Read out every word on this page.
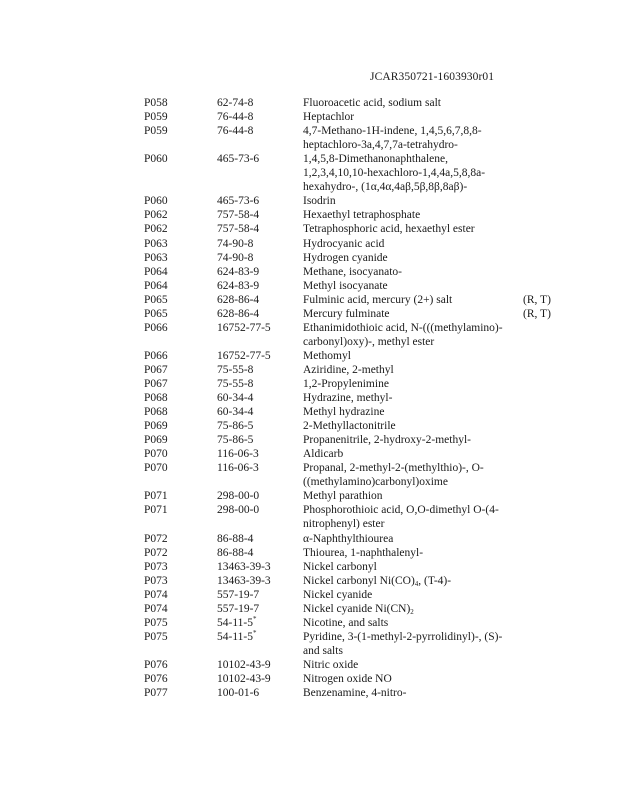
JCAR350721-1603930r01
P058	62-74-8	Fluoroacetic acid, sodium salt
P059	76-44-8	Heptachlor
P059	76-44-8	4,7-Methano-1H-indene, 1,4,5,6,7,8,8-
heptachloro-3a,4,7,7a-tetrahydro-
P060	465-73-6	1,4,5,8-Dimethanonaphthalene,
1,2,3,4,10,10-hexachloro-1,4,4a,5,8,8a-
hexahydro-, (1α,4α,4aβ,5β,8β,8aβ)-
P060	465-73-6	Isodrin
P062	757-58-4	Hexaethyl tetraphosphate
P062	757-58-4	Tetraphosphoric acid, hexaethyl ester
P063	74-90-8	Hydrocyanic acid
P063	74-90-8	Hydrogen cyanide
P064	624-83-9	Methane, isocyanato-
P064	624-83-9	Methyl isocyanate
P065	628-86-4	Fulminic acid, mercury (2+) salt	(R, T)
P065	628-86-4	Mercury fulminate	(R, T)
P066	16752-77-5	Ethanimidothioic acid, N-(((methylamino)-
carbonyl)oxy)-, methyl ester
P066	16752-77-5	Methomyl
P067	75-55-8	Aziridine, 2-methyl
P067	75-55-8	1,2-Propylenimine
P068	60-34-4	Hydrazine, methyl-
P068	60-34-4	Methyl hydrazine
P069	75-86-5	2-Methyllactonitrile
P069	75-86-5	Propanenitrile, 2-hydroxy-2-methyl-
P070	116-06-3	Aldicarb
P070	116-06-3	Propanal, 2-methyl-2-(methylthio)-, O-
((methylamino)carbonyl)oxime
P071	298-00-0	Methyl parathion
P071	298-00-0	Phosphorothioic acid, O,O-dimethyl O-(4-
nitrophenyl) ester
P072	86-88-4	α-Naphthylthiourea
P072	86-88-4	Thiourea, 1-naphthalenyl-
P073	13463-39-3	Nickel carbonyl
P073	13463-39-3	Nickel carbonyl $Ni(CO)_4$, (T-4)-
P074	557-19-7	Nickel cyanide
P074	557-19-7	Nickel cyanide $Ni(CN)_2$
P075	54-11-5*	Nicotine, and salts
P075	54-11-5*	Pyridine, 3-(1-methyl-2-pyrrolidinyl)-, (S)-
and salts
P076	10102-43-9	Nitric oxide
P076	10102-43-9	Nitrogen oxide NO
P077	100-01-6	Benzenamine, 4-nitro-
